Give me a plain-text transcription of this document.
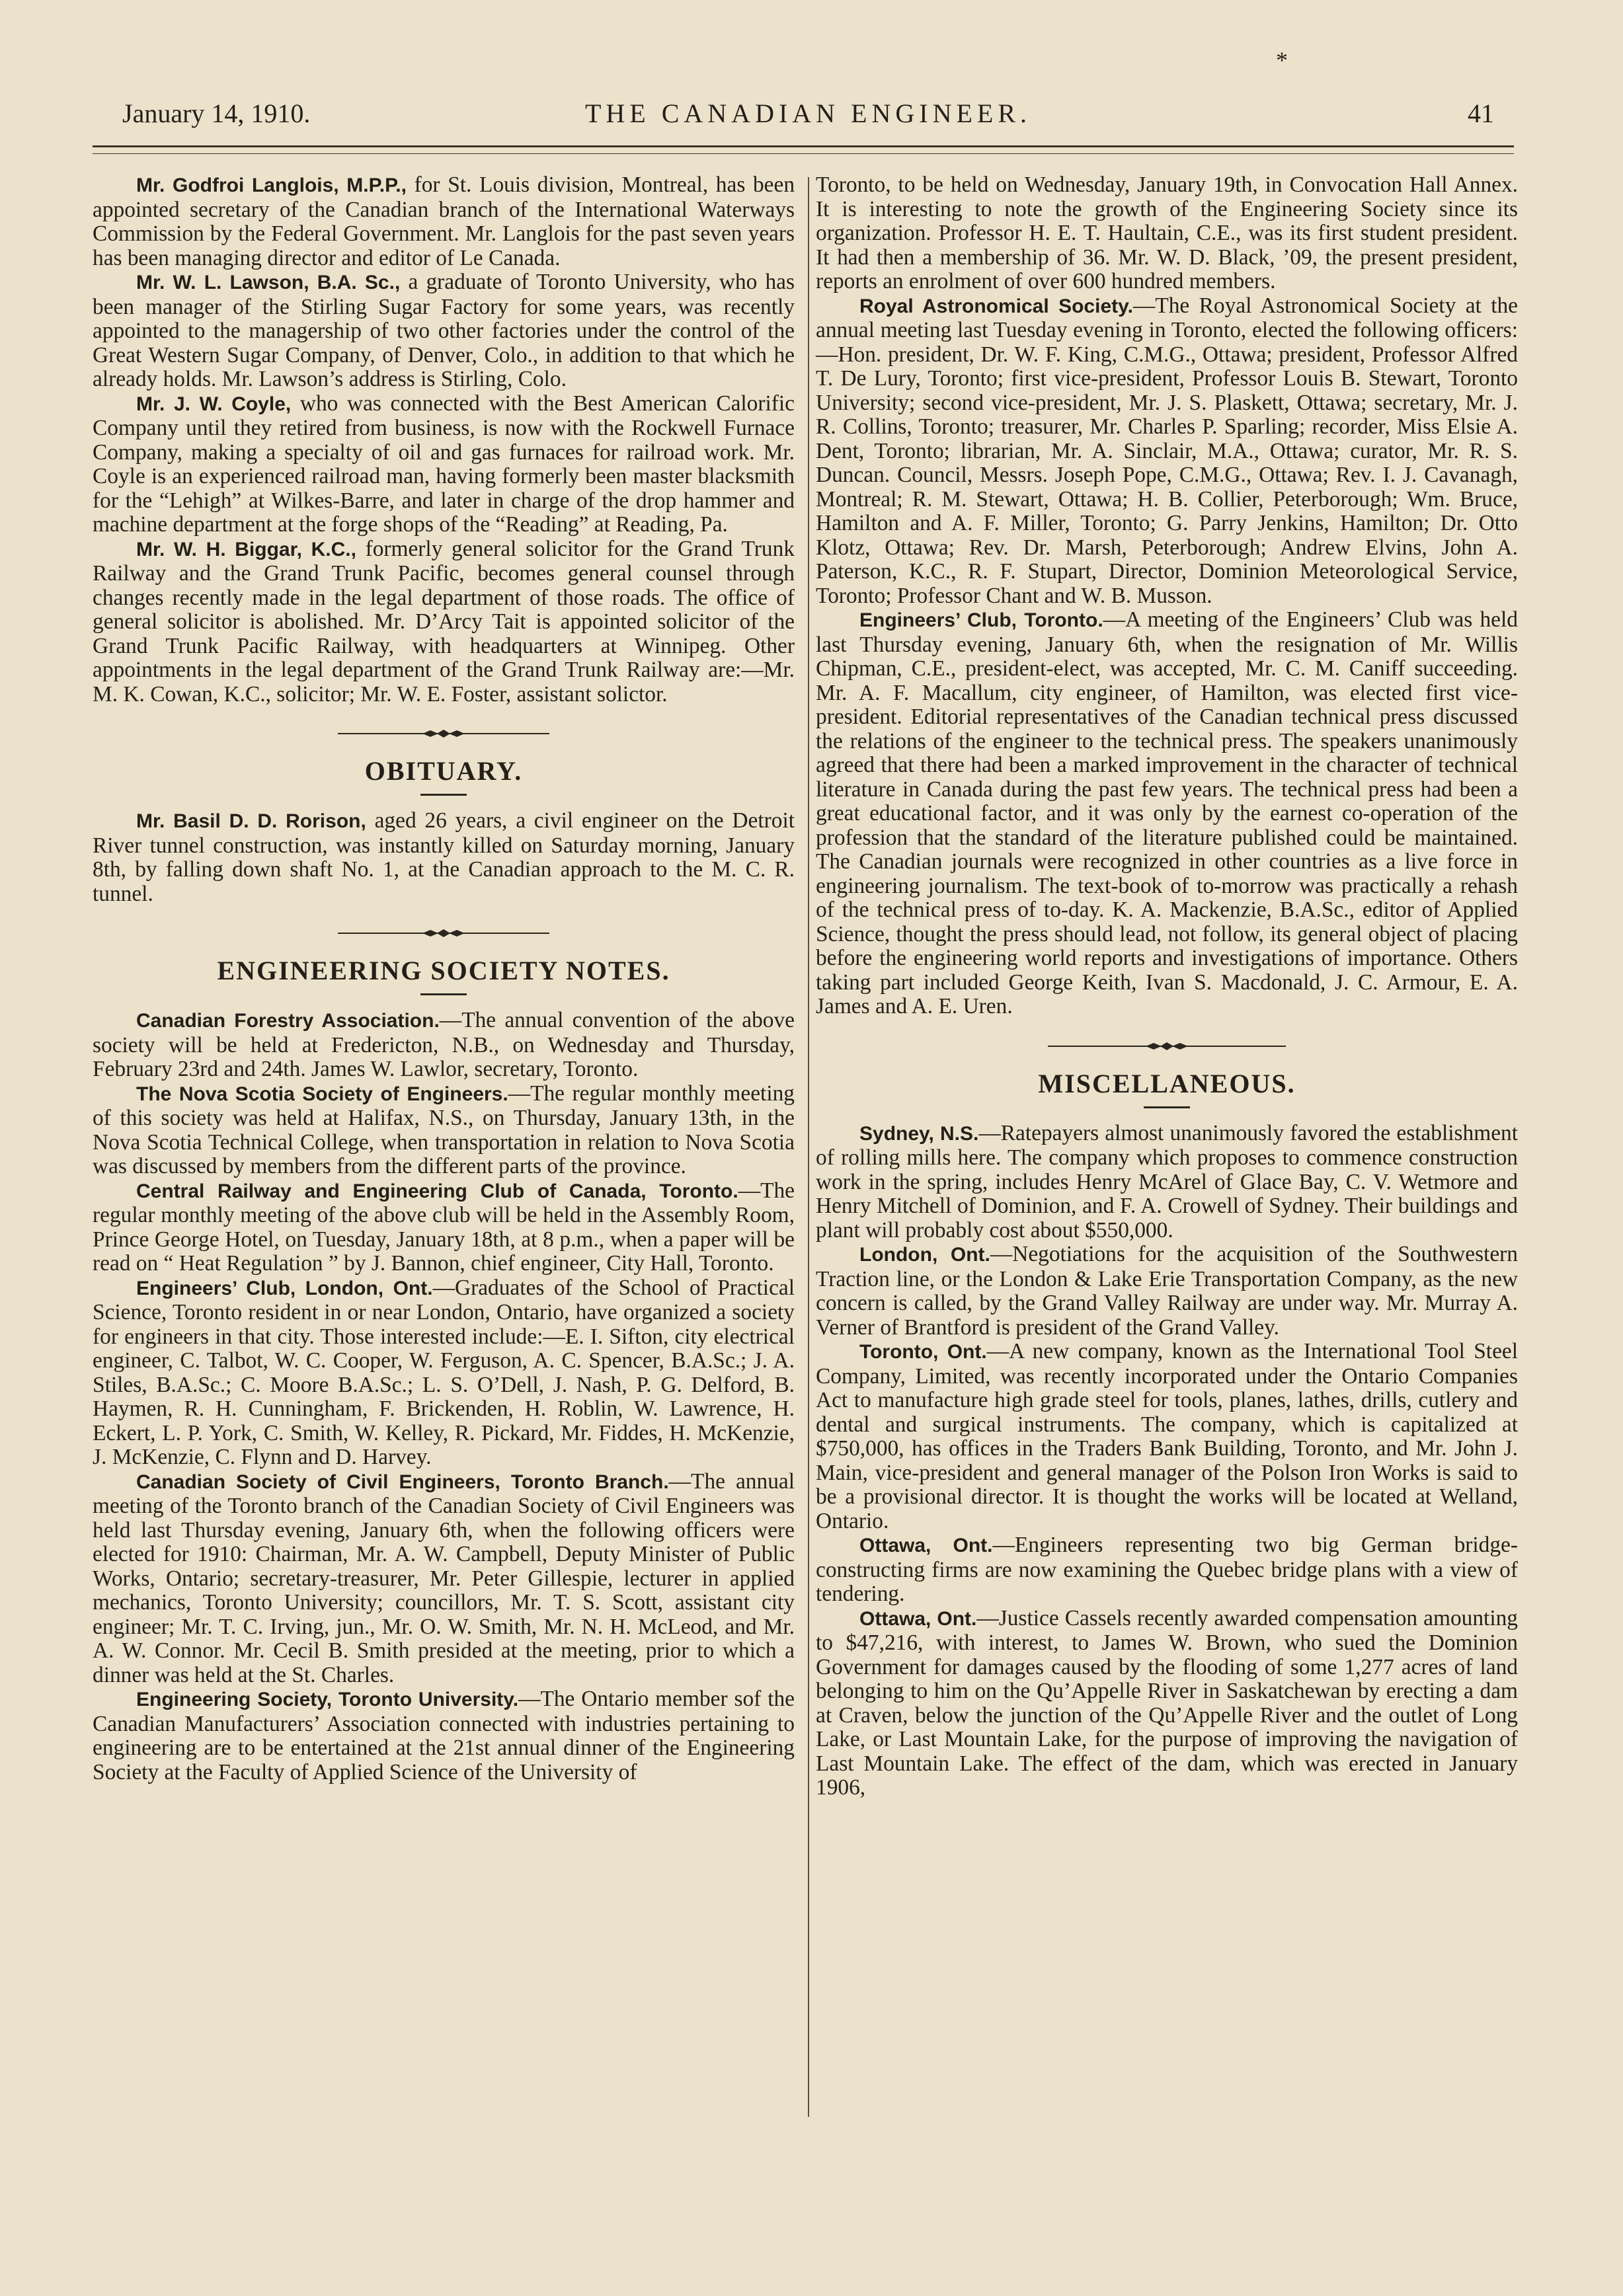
*
January 14, 1910.	THE CANADIAN ENGINEER.	41

Mr. Godfroi Langlois, M.P.P., for St. Louis division, Montreal, has been appointed secretary of the Canadian branch of the International Waterways Commission by the Federal Government. Mr. Langlois for the past seven years has been managing director and editor of Le Canada.

Mr. W. L. Lawson, B.A. Sc., a graduate of Toronto University, who has been manager of the Stirling Sugar Factory for some years, was recently appointed to the managership of two other factories under the control of the Great Western Sugar Company, of Denver, Colo., in addition to that which he already holds. Mr. Lawson’s address is Stirling, Colo.

Mr. J. W. Coyle, who was connected with the Best American Calorific Company until they retired from business, is now with the Rockwell Furnace Company, making a specialty of oil and gas furnaces for railroad work. Mr. Coyle is an experienced railroad man, having formerly been master blacksmith for the “Lehigh” at Wilkes-Barre, and later in charge of the drop hammer and machine department at the forge shops of the “Reading” at Reading, Pa.

Mr. W. H. Biggar, K.C., formerly general solicitor for the Grand Trunk Railway and the Grand Trunk Pacific, becomes general counsel through changes recently made in the legal department of those roads. The office of general solicitor is abolished. Mr. D’Arcy Tait is appointed solicitor of the Grand Trunk Pacific Railway, with headquarters at Winnipeg. Other appointments in the legal department of the Grand Trunk Railway are:—Mr. M. K. Cowan, K.C., solicitor; Mr. W. E. Foster, assistant solictor.

OBITUARY.

Mr. Basil D. D. Rorison, aged 26 years, a civil engineer on the Detroit River tunnel construction, was instantly killed on Saturday morning, January 8th, by falling down shaft No. 1, at the Canadian approach to the M. C. R. tunnel.

ENGINEERING SOCIETY NOTES.

Canadian Forestry Association.—The annual convention of the above society will be held at Fredericton, N.B., on Wednesday and Thursday, February 23rd and 24th. James W. Lawlor, secretary, Toronto.

The Nova Scotia Society of Engineers.—The regular monthly meeting of this society was held at Halifax, N.S., on Thursday, January 13th, in the Nova Scotia Technical College, when transportation in relation to Nova Scotia was discussed by members from the different parts of the province.

Central Railway and Engineering Club of Canada, Toronto.—The regular monthly meeting of the above club will be held in the Assembly Room, Prince George Hotel, on Tuesday, January 18th, at 8 p.m., when a paper will be read on “ Heat Regulation ” by J. Bannon, chief engineer, City Hall, Toronto.

Engineers’ Club, London, Ont.—Graduates of the School of Practical Science, Toronto resident in or near London, Ontario, have organized a society for engineers in that city. Those interested include:—E. I. Sifton, city electrical engineer, C. Talbot, W. C. Cooper, W. Ferguson, A. C. Spencer, B.A.Sc.; J. A. Stiles, B.A.Sc.; C. Moore B.A.Sc.; L. S. O’Dell, J. Nash, P. G. Delford, B. Haymen, R. H. Cunningham, F. Brickenden, H. Roblin, W. Lawrence, H. Eckert, L. P. York, C. Smith, W. Kelley, R. Pickard, Mr. Fiddes, H. McKenzie, J. McKenzie, C. Flynn and D. Harvey.

Canadian Society of Civil Engineers, Toronto Branch.—The annual meeting of the Toronto branch of the Canadian Society of Civil Engineers was held last Thursday evening, January 6th, when the following officers were elected for 1910: Chairman, Mr. A. W. Campbell, Deputy Minister of Public Works, Ontario; secretary-treasurer, Mr. Peter Gillespie, lecturer in applied mechanics, Toronto University; councillors, Mr. T. S. Scott, assistant city engineer; Mr. T. C. Irving, jun., Mr. O. W. Smith, Mr. N. H. McLeod, and Mr. A. W. Connor. Mr. Cecil B. Smith presided at the meeting, prior to which a dinner was held at the St. Charles.

Engineering Society, Toronto University.—The Ontario member sof the Canadian Manufacturers’ Association connected with industries pertaining to engineering are to be entertained at the 21st annual dinner of the Engineering Society at the Faculty of Applied Science of the University of

Toronto, to be held on Wednesday, January 19th, in Convocation Hall Annex. It is interesting to note the growth of the Engineering Society since its organization. Professor H. E. T. Haultain, C.E., was its first student president. It had then a membership of 36. Mr. W. D. Black, ’09, the present president, reports an enrolment of over 600 hundred members.

Royal Astronomical Society.—The Royal Astronomical Society at the annual meeting last Tuesday evening in Toronto, elected the following officers:—Hon. president, Dr. W. F. King, C.M.G., Ottawa; president, Professor Alfred T. De Lury, Toronto; first vice-president, Professor Louis B. Stewart, Toronto University; second vice-president, Mr. J. S. Plaskett, Ottawa; secretary, Mr. J. R. Collins, Toronto; treasurer, Mr. Charles P. Sparling; recorder, Miss Elsie A. Dent, Toronto; librarian, Mr. A. Sinclair, M.A., Ottawa; curator, Mr. R. S. Duncan. Council, Messrs. Joseph Pope, C.M.G., Ottawa; Rev. I. J. Cavanagh, Montreal; R. M. Stewart, Ottawa; H. B. Collier, Peterborough; Wm. Bruce, Hamilton and A. F. Miller, Toronto; G. Parry Jenkins, Hamilton; Dr. Otto Klotz, Ottawa; Rev. Dr. Marsh, Peterborough; Andrew Elvins, John A. Paterson, K.C., R. F. Stupart, Director, Dominion Meteorological Service, Toronto; Professor Chant and W. B. Musson.

Engineers’ Club, Toronto.—A meeting of the Engineers’ Club was held last Thursday evening, January 6th, when the resignation of Mr. Willis Chipman, C.E., president-elect, was accepted, Mr. C. M. Caniff succeeding. Mr. A. F. Macallum, city engineer, of Hamilton, was elected first vice-president. Editorial representatives of the Canadian technical press discussed the relations of the engineer to the technical press. The speakers unanimously agreed that there had been a marked improvement in the character of technical literature in Canada during the past few years. The technical press had been a great educational factor, and it was only by the earnest co-operation of the profession that the standard of the literature published could be maintained. The Canadian journals were recognized in other countries as a live force in engineering journalism. The text-book of to-morrow was practically a rehash of the technical press of to-day. K. A. Mackenzie, B.A.Sc., editor of Applied Science, thought the press should lead, not follow, its general object of placing before the engineering world reports and investigations of importance. Others taking part included George Keith, Ivan S. Macdonald, J. C. Armour, E. A. James and A. E. Uren.

MISCELLANEOUS.

Sydney, N.S.—Ratepayers almost unanimously favored the establishment of rolling mills here. The company which proposes to commence construction work in the spring, includes Henry McArel of Glace Bay, C. V. Wetmore and Henry Mitchell of Dominion, and F. A. Crowell of Sydney. Their buildings and plant will probably cost about $550,000.

London, Ont.—Negotiations for the acquisition of the Southwestern Traction line, or the London & Lake Erie Transportation Company, as the new concern is called, by the Grand Valley Railway are under way. Mr. Murray A. Verner of Brantford is president of the Grand Valley.

Toronto, Ont.—A new company, known as the International Tool Steel Company, Limited, was recently incorporated under the Ontario Companies Act to manufacture high grade steel for tools, planes, lathes, drills, cutlery and dental and surgical instruments. The company, which is capitalized at $750,000, has offices in the Traders Bank Building, Toronto, and Mr. John J. Main, vice-president and general manager of the Polson Iron Works is said to be a provisional director. It is thought the works will be located at Welland, Ontario.

Ottawa, Ont.—Engineers representing two big German bridge-constructing firms are now examining the Quebec bridge plans with a view of tendering.

Ottawa, Ont.—Justice Cassels recently awarded compensation amounting to $47,216, with interest, to James W. Brown, who sued the Dominion Government for damages caused by the flooding of some 1,277 acres of land belonging to him on the Qu’Appelle River in Saskatchewan by erecting a dam at Craven, below the junction of the Qu’Appelle River and the outlet of Long Lake, or Last Mountain Lake, for the purpose of improving the navigation of Last Mountain Lake. The effect of the dam, which was erected in January 1906,
